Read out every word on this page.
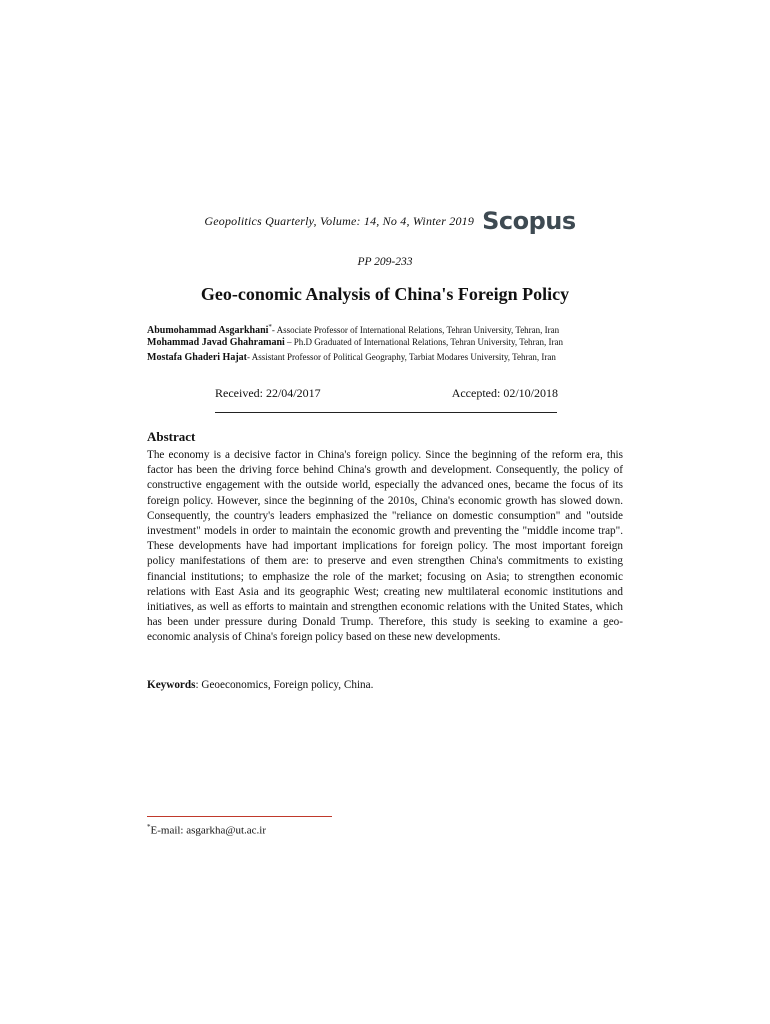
Geopolitics Quarterly, Volume: 14, No 4, Winter 2019 Scopus
PP 209-233
Geo-conomic Analysis of China's Foreign Policy
Abumohammad Asgarkhani*- Associate Professor of International Relations, Tehran University, Tehran, Iran
Mohammad Javad Ghahramani – Ph.D Graduated of International Relations, Tehran University, Tehran, Iran
Mostafa Ghaderi Hajat- Assistant Professor of Political Geography, Tarbiat Modares University, Tehran, Iran
Received: 22/04/2017	Accepted: 02/10/2018
Abstract
The economy is a decisive factor in China's foreign policy. Since the beginning of the reform era, this factor has been the driving force behind China's growth and development. Consequently, the policy of constructive engagement with the outside world, especially the advanced ones, became the focus of its foreign policy. However, since the beginning of the 2010s, China's economic growth has slowed down. Consequently, the country's leaders emphasized the "reliance on domestic consumption" and "outside investment" models in order to maintain the economic growth and preventing the "middle income trap". These developments have had important implications for foreign policy. The most important foreign policy manifestations of them are: to preserve and even strengthen China's commitments to existing financial institutions; to emphasize the role of the market; focusing on Asia; to strengthen economic relations with East Asia and its geographic West; creating new multilateral economic institutions and initiatives, as well as efforts to maintain and strengthen economic relations with the United States, which has been under pressure during Donald Trump. Therefore, this study is seeking to examine a geo-economic analysis of China's foreign policy based on these new developments.
Keywords: Geoeconomics, Foreign policy, China.
*E-mail: asgarkha@ut.ac.ir
